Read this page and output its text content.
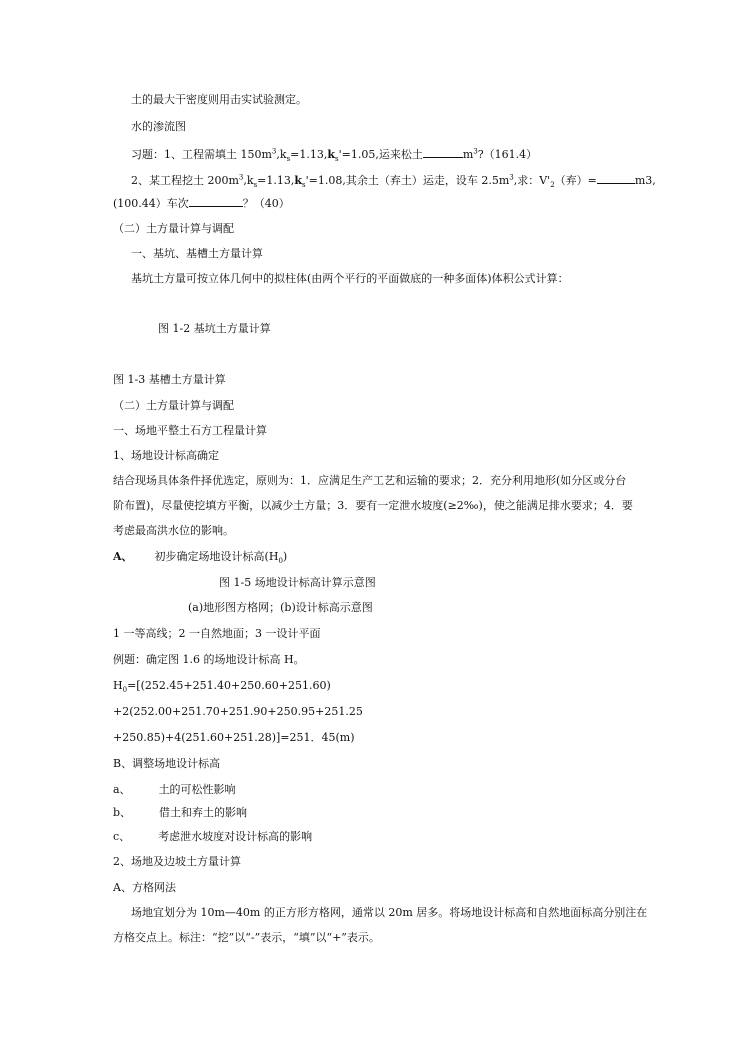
土的最大干密度则用击实试验测定。
水的渗流图
习题：1、工程需填土 $150m^3,k_s=1.13,k_s'=1.05$,运来松土	$m^3?(161.4)$
2、某工程挖土 $200m^3,k_s=1.13,k_s'=1.08$,其余土（弃土）运走，设车 $2.5m^3$,求：$V'_2$（弃）=	m3,
(100.44）车次	？（40）
（二）土方量计算与调配
一、基坑、基槽土方量计算
基坑土方量可按立体几何中的拟柱体(由两个平行的平面做底的一种多面体)体积公式计算：
图 1-2 基坑土方量计算
图 1-3 基槽土方量计算
（二）土方量计算与调配
一、场地平整土石方工程量计算
1、场地设计标高确定
结合现场具体条件择优选定，原则为：1．应满足生产工艺和运输的要求；2．充分利用地形(如分区或分台
阶布置)，尽量使挖填方平衡，以减少土方量；3．要有一定泄水坡度(≥2‰)，使之能满足排水要求；4．要
考虑最高洪水位的影响。
A、 初步确定场地设计标高$(H_0)$
图 1-5 场地设计标高计算示意图
(a)地形图方格网；(b)设计标高示意图
1 一等高线；2 一自然地面；3 一设计平面
例题：确定图 1.6 的场地设计标高 H。
$H_0=[(252.45+251.40+250.60+251.60)$
+2(252.00+251.70+251.90+250.95+251.25
+250.85)+4(251.60+251.28)]=251．45(m)
B、调整场地设计标高
a、	土的可松性影响
b、	借土和弃土的影响
c、	考虑泄水坡度对设计标高的影响
2、场地及边坡土方量计算
A、方格网法
场地宜划分为 10m—40m 的正方形方格网，通常以 20m 居多。将场地设计标高和自然地面标高分别注在
方格交点上。标注：“挖”以“-”表示，“填”以“+”表示。
